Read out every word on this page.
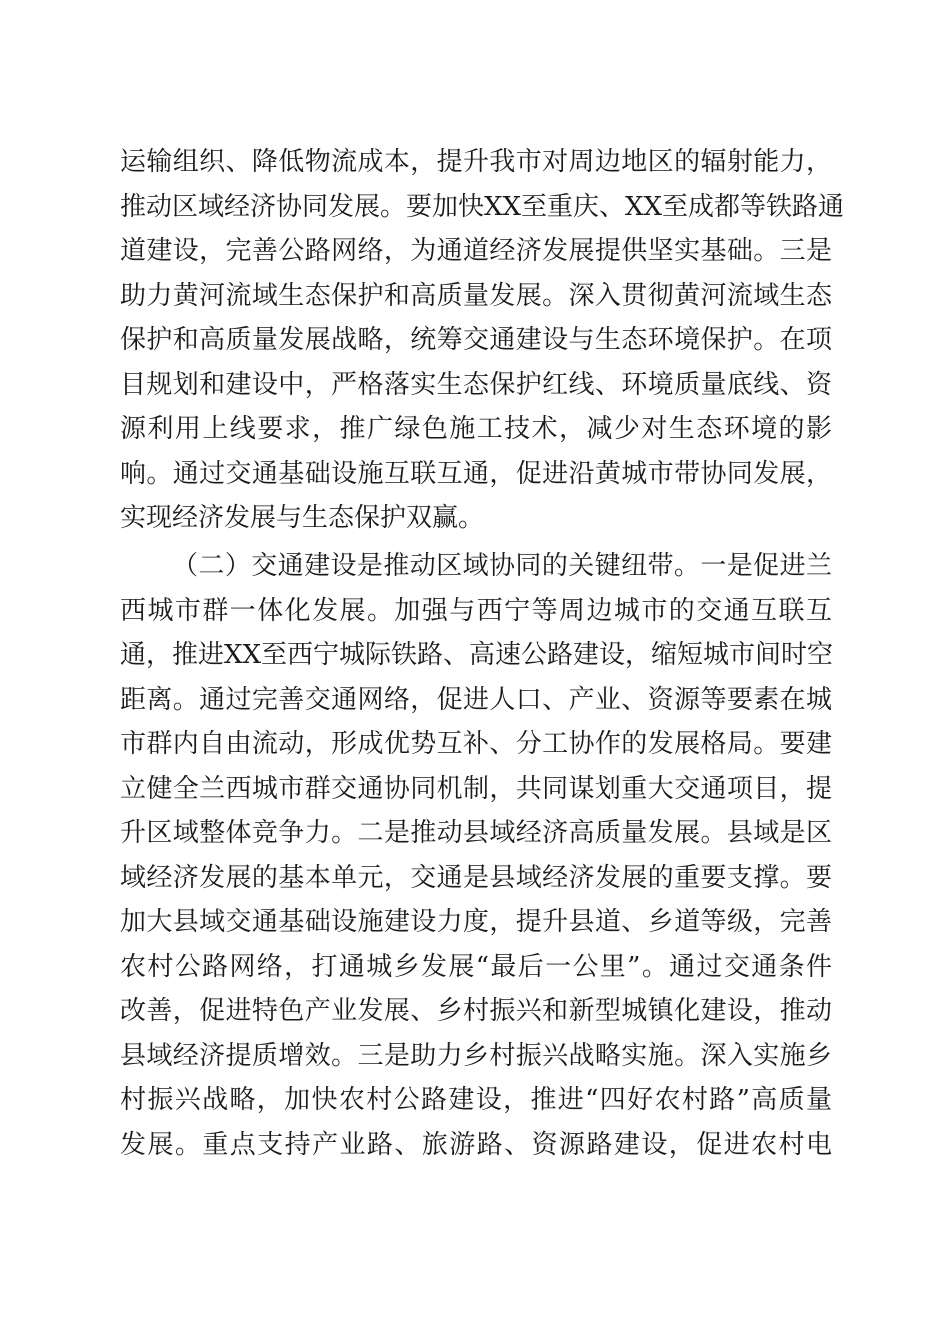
运输组织、降低物流成本，提升我市对周边地区的辐射能力，
推动区域经济协同发展。要加快XX至重庆、XX至成都等铁路通
道建设，完善公路网络，为通道经济发展提供坚实基础。三是
助力黄河流域生态保护和高质量发展。深入贯彻黄河流域生态
保护和高质量发展战略，统筹交通建设与生态环境保护。在项
目规划和建设中，严格落实生态保护红线、环境质量底线、资
源利用上线要求，推广绿色施工技术，减少对生态环境的影
响。通过交通基础设施互联互通，促进沿黄城市带协同发展，
实现经济发展与生态保护双赢。
（二）交通建设是推动区域协同的关键纽带。一是促进兰
西城市群一体化发展。加强与西宁等周边城市的交通互联互
通，推进XX至西宁城际铁路、高速公路建设，缩短城市间时空
距离。通过完善交通网络，促进人口、产业、资源等要素在城
市群内自由流动，形成优势互补、分工协作的发展格局。要建
立健全兰西城市群交通协同机制，共同谋划重大交通项目，提
升区域整体竞争力。二是推动县域经济高质量发展。县域是区
域经济发展的基本单元，交通是县域经济发展的重要支撑。要
加大县域交通基础设施建设力度，提升县道、乡道等级，完善
农村公路网络，打通城乡发展“最后一公里”。通过交通条件
改善，促进特色产业发展、乡村振兴和新型城镇化建设，推动
县域经济提质增效。三是助力乡村振兴战略实施。深入实施乡
村振兴战略，加快农村公路建设，推进“四好农村路”高质量
发展。重点支持产业路、旅游路、资源路建设，促进农村电
